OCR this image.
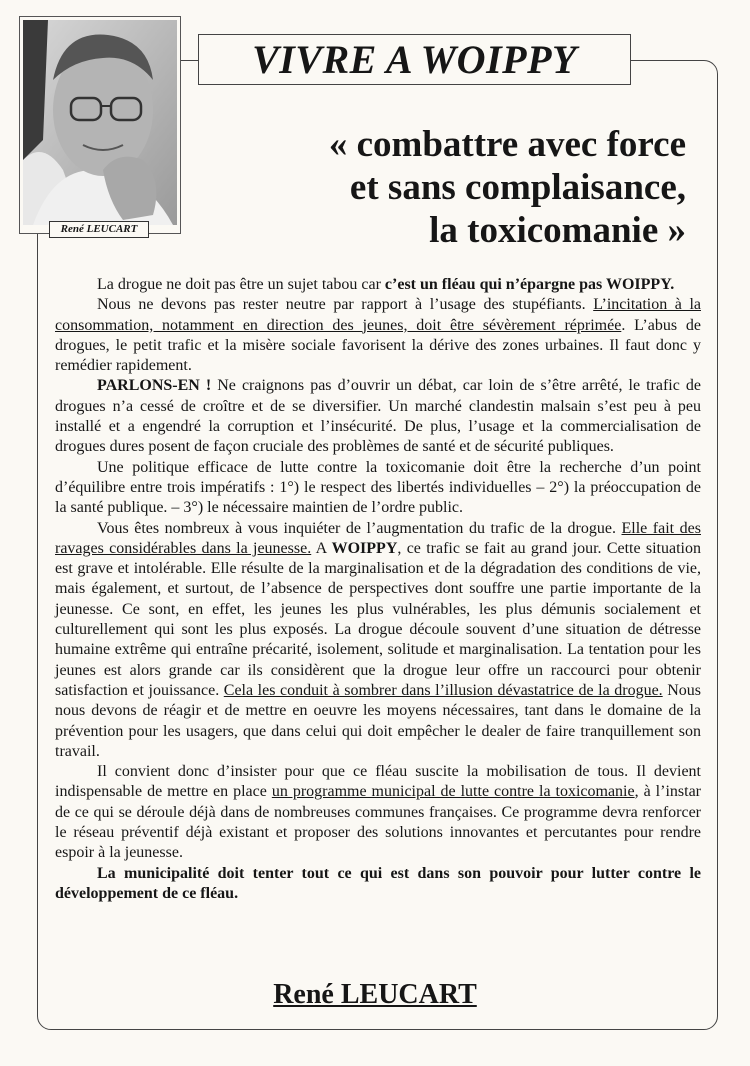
René LEUCART
VIVRE A WOIPPY
« combattre avec force
et sans complaisance,
la toxicomanie »

La drogue ne doit pas être un sujet tabou car c’est un fléau qui n’épargne pas WOIPPY.

Nous ne devons pas rester neutre par rapport à l’usage des stupéfiants. L’incitation à la consommation, notamment en direction des jeunes, doit être sévèrement réprimée. L’abus de drogues, le petit trafic et la misère sociale favorisent la dérive des zones urbaines. Il faut donc y remédier rapidement.

PARLONS-EN ! Ne craignons pas d’ouvrir un débat, car loin de s’être arrêté, le trafic de drogues n’a cessé de croître et de se diversifier. Un marché clandestin malsain s’est peu à peu installé et a engendré la corruption et l’insécurité. De plus, l’usage et la commercialisation de drogues dures posent de façon cruciale des problèmes de santé et de sécurité publiques.

Une politique efficace de lutte contre la toxicomanie doit être la recherche d’un point d’équilibre entre trois impératifs : 1°) le respect des libertés individuelles – 2°) la préoccupation de la santé publique. – 3°) le nécessaire maintien de l’ordre public.

Vous êtes nombreux à vous inquiéter de l’augmentation du trafic de la drogue. Elle fait des ravages considérables dans la jeunesse. A WOIPPY, ce trafic se fait au grand jour. Cette situation est grave et intolérable. Elle résulte de la marginalisation et de la dégradation des conditions de vie, mais également, et surtout, de l’absence de perspectives dont souffre une partie importante de la jeunesse. Ce sont, en effet, les jeunes les plus vulnérables, les plus démunis socialement et culturellement qui sont les plus exposés. La drogue découle souvent d’une situation de détresse humaine extrême qui entraîne précarité, isolement, solitude et marginalisation. La tentation pour les jeunes est alors grande car ils considèrent que la drogue leur offre un raccourci pour obtenir satisfaction et jouissance. Cela les conduit à sombrer dans l’illusion dévastatrice de la drogue. Nous nous devons de réagir et de mettre en oeuvre les moyens nécessaires, tant dans le domaine de la prévention pour les usagers, que dans celui qui doit empêcher le dealer de faire tranquillement son travail.

Il convient donc d’insister pour que ce fléau suscite la mobilisation de tous. Il devient indispensable de mettre en place un programme municipal de lutte contre la toxicomanie, à l’instar de ce qui se déroule déjà dans de nombreuses communes françaises. Ce programme devra renforcer le réseau préventif déjà existant et proposer des solutions innovantes et percutantes pour rendre espoir à la jeunesse.

La municipalité doit tenter tout ce qui est dans son pouvoir pour lutter contre le développement de ce fléau.

René LEUCART
